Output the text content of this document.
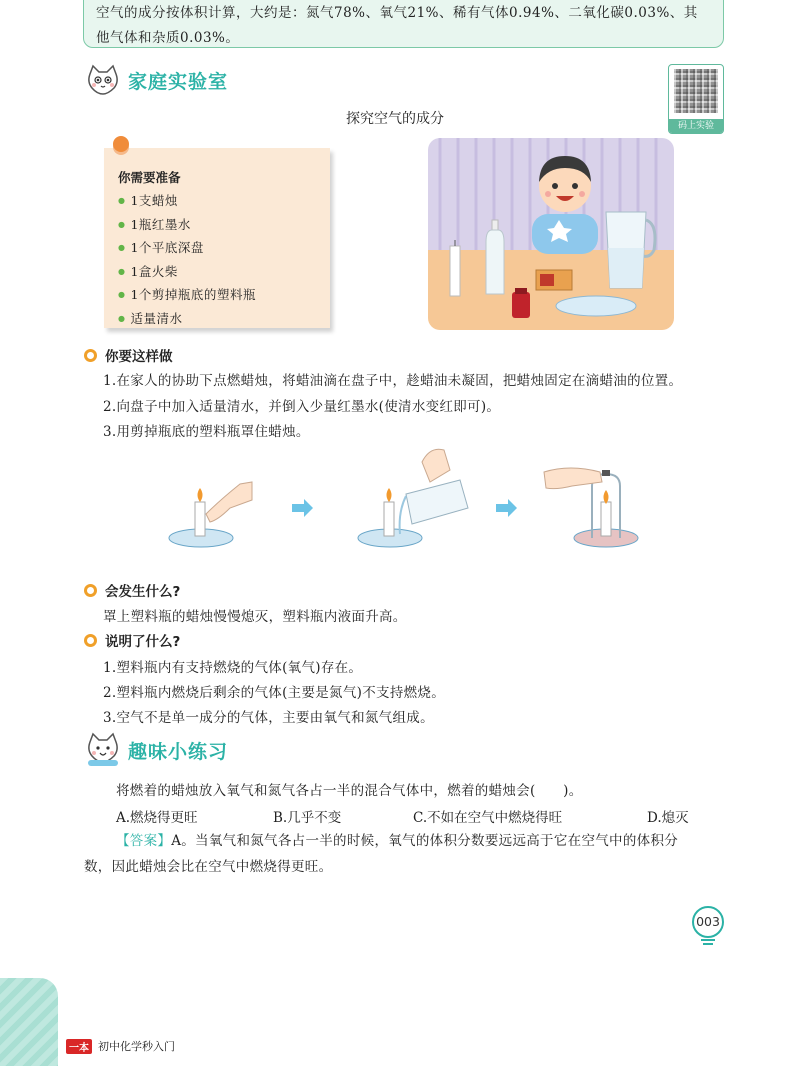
空气的成分按体积计算，大约是：氮气78%、氧气21%、稀有气体0.94%、二氧化碳0.03%、其
他气体和杂质0.03%。
家庭实验室
码上实验
探究空气的成分
你需要准备
● 1支蜡烛
● 1瓶红墨水
● 1个平底深盘
● 1盒火柴
● 1个剪掉瓶底的塑料瓶
● 适量清水
你要这样做
1.在家人的协助下点燃蜡烛，将蜡油滴在盘子中，趁蜡油未凝固，把蜡烛固定在滴蜡油的位置。
2.向盘子中加入适量清水，并倒入少量红墨水(使清水变红即可)。
3.用剪掉瓶底的塑料瓶罩住蜡烛。
会发生什么?
罩上塑料瓶的蜡烛慢慢熄灭，塑料瓶内液面升高。
说明了什么?
1.塑料瓶内有支持燃烧的气体(氧气)存在。
2.塑料瓶内燃烧后剩余的气体(主要是氮气)不支持燃烧。
3.空气不是单一成分的气体，主要由氧气和氮气组成。
趣味小练习
将燃着的蜡烛放入氧气和氮气各占一半的混合气体中，燃着的蜡烛会(　　)。
A.燃烧得更旺	B.几乎不变	C.不如在空气中燃烧得旺	D.熄灭
【答案】A。当氧气和氮气各占一半的时候，氧气的体积分数要远远高于它在空气中的体积分
数，因此蜡烛会比在空气中燃烧得更旺。
003
一本 初中化学秒入门
